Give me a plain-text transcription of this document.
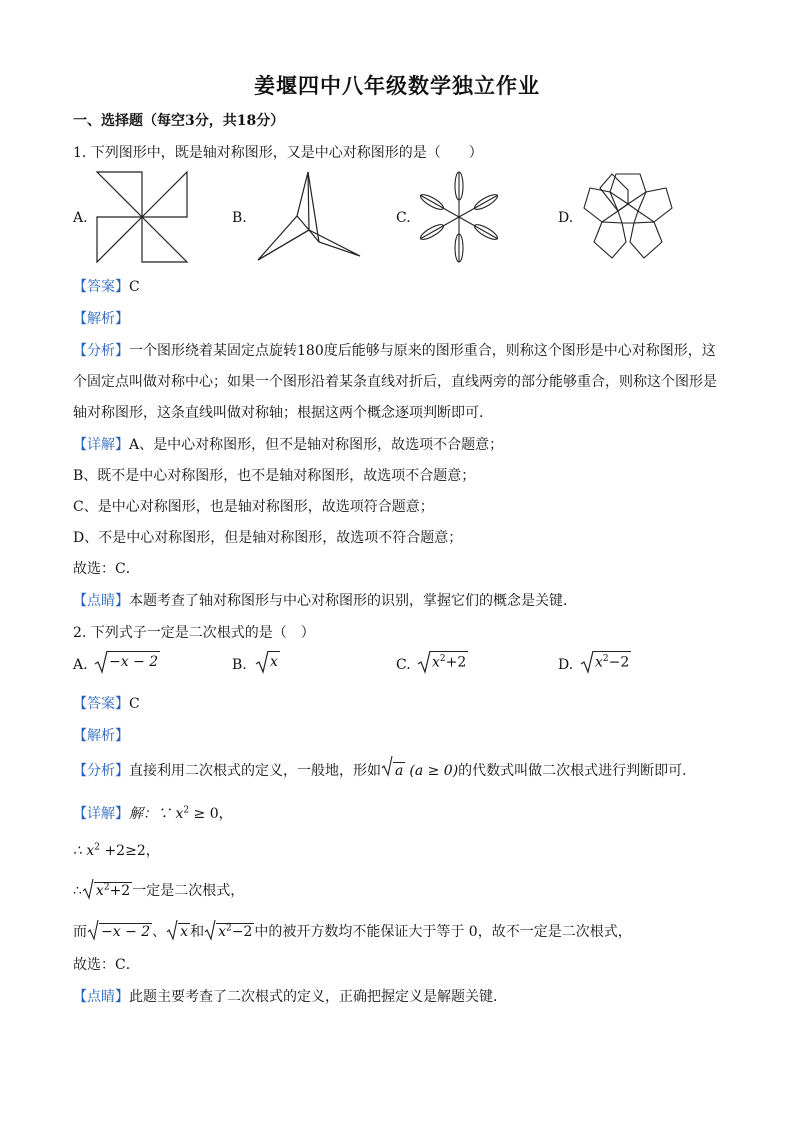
姜堰四中八年级数学独立作业
一、选择题（每空3分，共18分）
1. 下列图形中，既是轴对称图形，又是中心对称图形的是（　　）
A.	B.	C.	D.
【答案】C
【解析】
【分析】一个图形绕着某固定点旋转180度后能够与原来的图形重合，则称这个图形是中心对称图形，这
个固定点叫做对称中心；如果一个图形沿着某条直线对折后，直线两旁的部分能够重合，则称这个图形是
轴对称图形，这条直线叫做对称轴；根据这两个概念逐项判断即可．
【详解】A、是中心对称图形，但不是轴对称图形，故选项不合题意；
B、既不是中心对称图形，也不是轴对称图形，故选项不合题意；
C、是中心对称图形，也是轴对称图形，故选项符合题意；
D、不是中心对称图形，但是轴对称图形，故选项不符合题意；
故选：C．
【点睛】本题考查了轴对称图形与中心对称图形的识别，掌握它们的概念是关键．
2. 下列式子一定是二次根式的是（　）
A. −x − 2	B. x	C. $x^2+2$	D. $x^2-2$
【答案】C
【解析】
【分析】直接利用二次根式的定义，一般地，形如 a (a ≥ 0)的代数式叫做二次根式进行判断即可．
【详解】解：∵ $x^2 \ge 0$，
∴ $x^2 +2\ge 2$，
∴ $x^2+2$ 一定是二次根式，
而 −x − 2 、 x 和 $x^2-2$ 中的被开方数均不能保证大于等于 0，故不一定是二次根式，
故选：C．
【点睛】此题主要考查了二次根式的定义，正确把握定义是解题关键．
